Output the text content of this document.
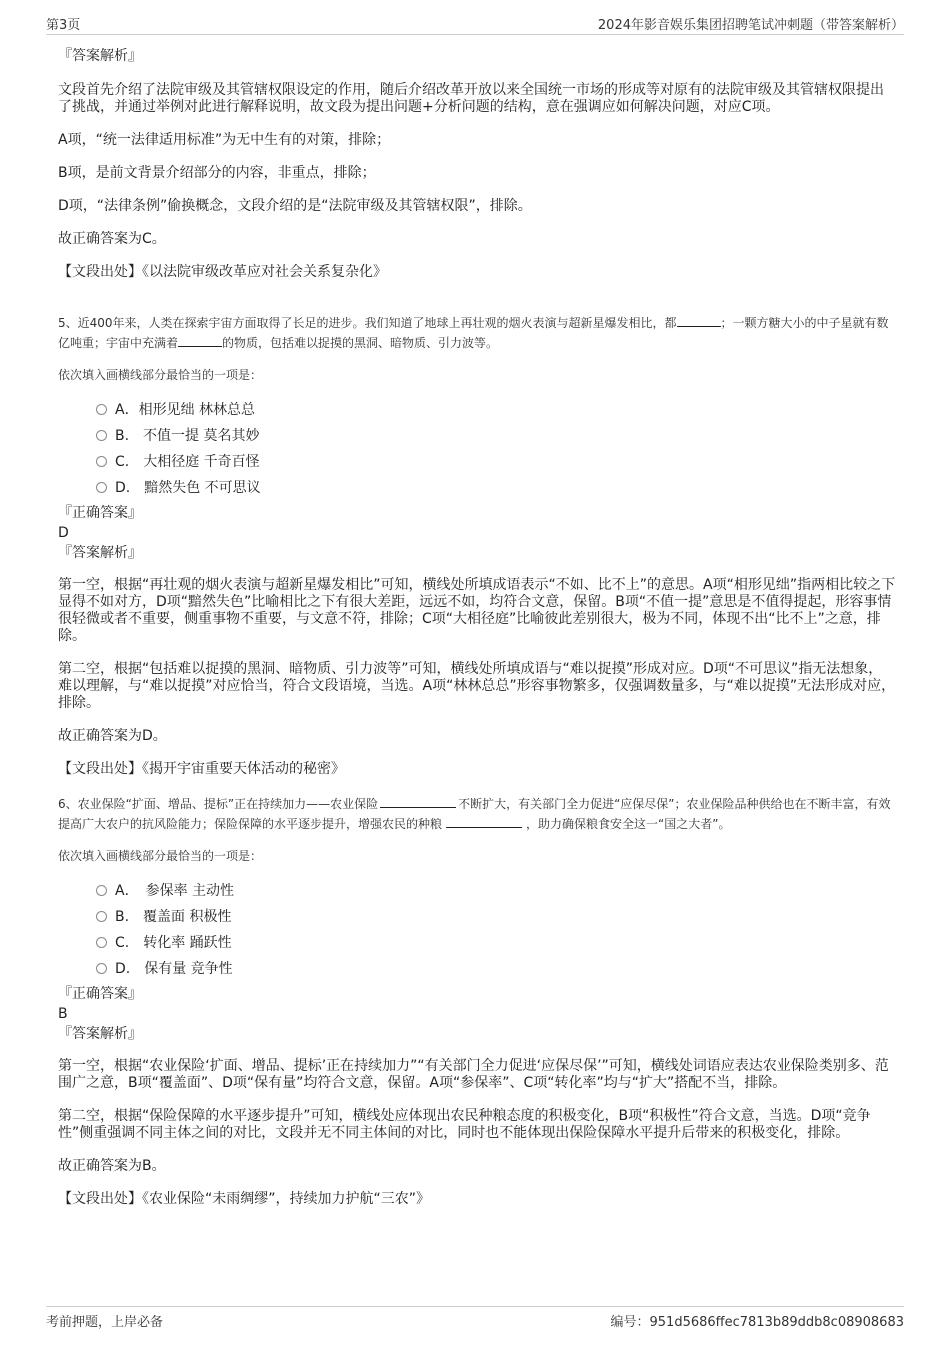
第3页	2024年影音娱乐集团招聘笔试冲刺题（带答案解析）

『答案解析』

文段首先介绍了法院审级及其管辖权限设定的作用，随后介绍改革开放以来全国统一市场的形成等对原有的法院审级及其管辖权限提出了挑战，并通过举例对此进行解释说明，故文段为提出问题+分析问题的结构，意在强调应如何解决问题，对应C项。

A项，“统一法律适用标准”为无中生有的对策，排除；

B项，是前文背景介绍部分的内容，非重点，排除；

D项，“法律条例”偷换概念，文段介绍的是“法院审级及其管辖权限”，排除。

故正确答案为C。

【文段出处】《以法院审级改革应对社会关系复杂化》

5、近400年来，人类在探索宇宙方面取得了长足的进步。我们知道了地球上再壮观的烟火表演与超新星爆发相比，都	；一颗方糖大小的中子星就有数亿吨重；宇宙中充满着	的物质，包括难以捉摸的黑洞、暗物质、引力波等。

依次填入画横线部分最恰当的一项是：

A．相形见绌 林林总总
B.　不值一提 莫名其妙
C.　大相径庭 千奇百怪
D.　黯然失色 不可思议

『正确答案』

D

『答案解析』

第一空，根据“再壮观的烟火表演与超新星爆发相比”可知，横线处所填成语表示“不如、比不上”的意思。A项“相形见绌”指两相比较之下显得不如对方，D项“黯然失色”比喻相比之下有很大差距，远远不如，均符合文意，保留。B项“不值一提”意思是不值得提起，形容事情很轻微或者不重要，侧重事物不重要，与文意不符，排除；C项“大相径庭”比喻彼此差别很大，极为不同，体现不出“比不上”之意，排除。

第二空，根据“包括难以捉摸的黑洞、暗物质、引力波等”可知，横线处所填成语与“难以捉摸”形成对应。D项“不可思议”指无法想象，难以理解，与“难以捉摸”对应恰当，符合文段语境，当选。A项“林林总总”形容事物繁多，仅强调数量多，与“难以捉摸”无法形成对应，排除。

故正确答案为D。

【文段出处】《揭开宇宙重要天体活动的秘密》

6、农业保险“扩面、增品、提标”正在持续加力——农业保险	不断扩大，有关部门全力促进“应保尽保”；农业保险品种供给也在不断丰富，有效提高广大农户的抗风险能力；保险保障的水平逐步提升，增强农民的种粮	，助力确保粮食安全这一“国之大者”。

依次填入画横线部分最恰当的一项是：

A．　参保率 主动性
B.　覆盖面 积极性
C.　转化率 踊跃性
D.　保有量 竞争性

『正确答案』

B

『答案解析』

第一空，根据“农业保险‘扩面、增品、提标’正在持续加力”“有关部门全力促进‘应保尽保’”可知，横线处词语应表达农业保险类别多、范围广之意，B项“覆盖面”、D项“保有量”均符合文意，保留。A项“参保率”、C项“转化率”均与“扩大”搭配不当，排除。

第二空，根据“保险保障的水平逐步提升”可知，横线处应体现出农民种粮态度的积极变化，B项“积极性”符合文意，当选。D项“竞争性”侧重强调不同主体之间的对比，文段并无不同主体间的对比，同时也不能体现出保险保障水平提升后带来的积极变化，排除。

故正确答案为B。

【文段出处】《农业保险“未雨绸缪”，持续加力护航“三农”》

考前押题，上岸必备	编号：951d5686ffec7813b89ddb8c08908683
